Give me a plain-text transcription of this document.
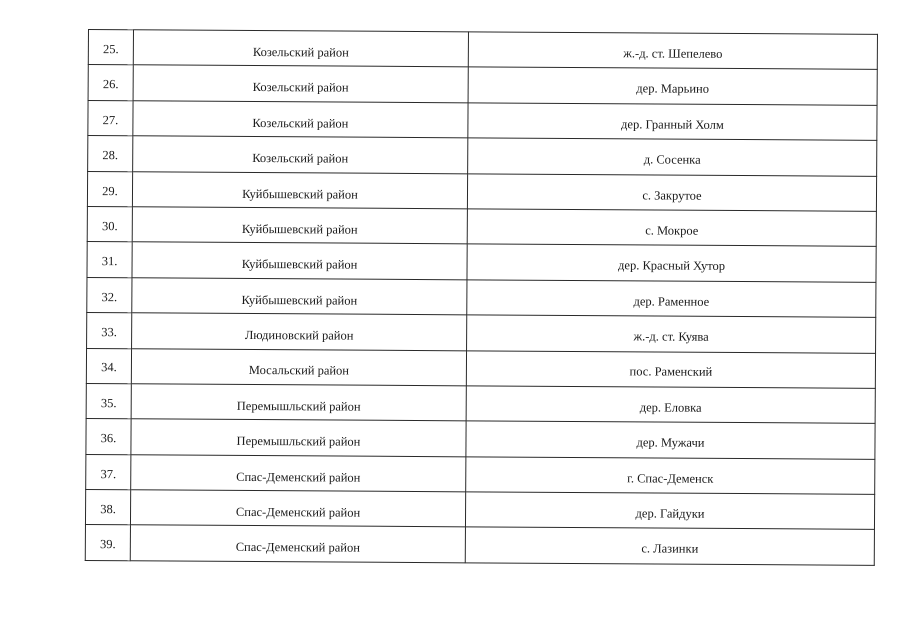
25.	Козельский район	ж.-д. ст. Шепелево
26.	Козельский район	дер. Марьино
27.	Козельский район	дер. Гранный Холм
28.	Козельский район	д. Сосенка
29.	Куйбышевский район	с. Закрутое
30.	Куйбышевский район	с. Мокрое
31.	Куйбышевский район	дер. Красный Хутор
32.	Куйбышевский район	дер. Раменное
33.	Людиновский район	ж.-д. ст. Куява
34.	Мосальский район	пос. Раменский
35.	Перемышльский район	дер. Еловка
36.	Перемышльский район	дер. Мужачи
37.	Спас-Деменский район	г. Спас-Деменск
38.	Спас-Деменский район	дер. Гайдуки
39.	Спас-Деменский район	с. Лазинки
